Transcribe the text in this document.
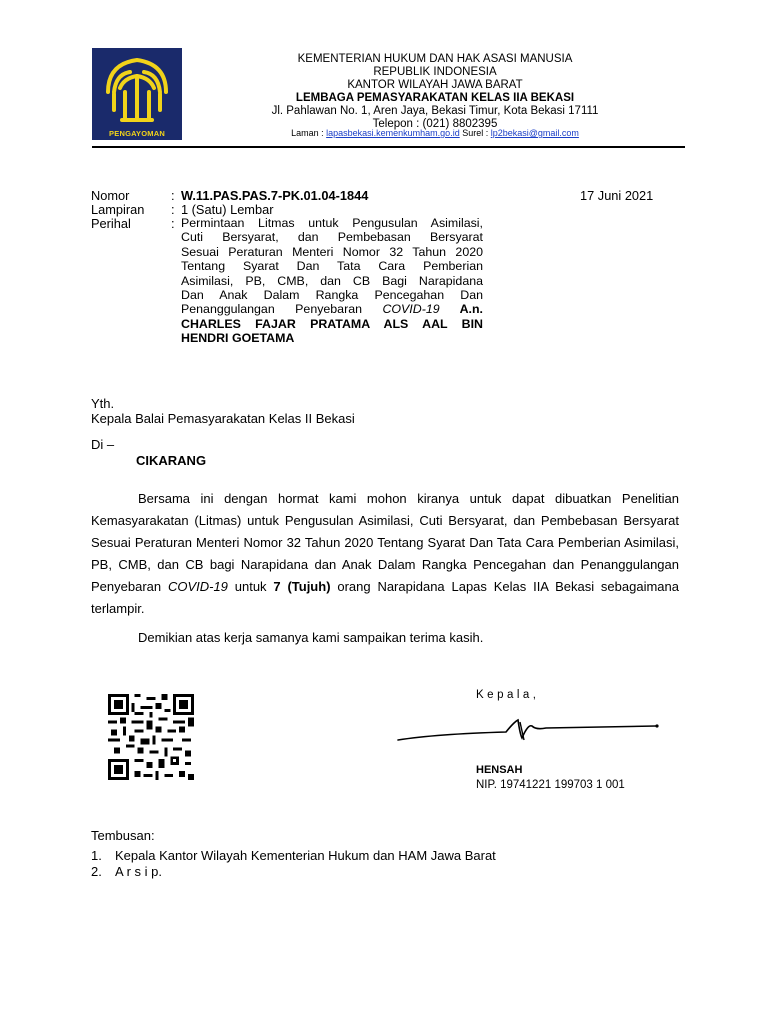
PENGAYOMAN
KEMENTERIAN HUKUM DAN HAK ASASI MANUSIA
REPUBLIK INDONESIA
KANTOR WILAYAH JAWA BARAT
LEMBAGA PEMASYARAKATAN KELAS IIA BEKASI
Jl. Pahlawan No. 1, Aren Jaya, Bekasi Timur, Kota Bekasi 17111
Telepon : (021) 8802395
Laman : lapasbekasi.kemenkumham.go.id Surel : lp2bekasi@gmail.com
Nomor	: W.11.PAS.PAS.7-PK.01.04-1844	17 Juni 2021
Lampiran : 1 (Satu) Lembar
Perihal	: Permintaan Litmas untuk Pengusulan Asimilasi,
Cuti Bersyarat, dan Pembebasan Bersyarat
Sesuai Peraturan Menteri Nomor 32 Tahun 2020
Tentang Syarat Dan Tata Cara Pemberian
Asimilasi, PB, CMB, dan CB Bagi Narapidana
Dan Anak Dalam Rangka Pencegahan Dan
Penanggulangan Penyebaran COVID-19 A.n.
CHARLES FAJAR PRATAMA ALS AAL BIN
HENDRI GOETAMA
Yth.
Kepala Balai Pemasyarakatan Kelas II Bekasi
Di –
CIKARANG
Bersama ini dengan hormat kami mohon kiranya untuk dapat dibuatkan Penelitian Kemasyarakatan (Litmas) untuk Pengusulan Asimilasi, Cuti Bersyarat, dan Pembebasan Bersyarat Sesuai Peraturan Menteri Nomor 32 Tahun 2020 Tentang Syarat Dan Tata Cara Pemberian Asimilasi, PB, CMB, dan CB bagi Narapidana dan Anak Dalam Rangka Pencegahan dan Penanggulangan Penyebaran COVID-19 untuk 7 (Tujuh) orang Narapidana Lapas Kelas IIA Bekasi sebagaimana terlampir.
Demikian atas kerja samanya kami sampaikan terima kasih.
Kepala,
HENSAH
NIP. 19741221 199703 1 001
Tembusan:
1. Kepala Kantor Wilayah Kementerian Hukum dan HAM Jawa Barat
2. A r s i p.
